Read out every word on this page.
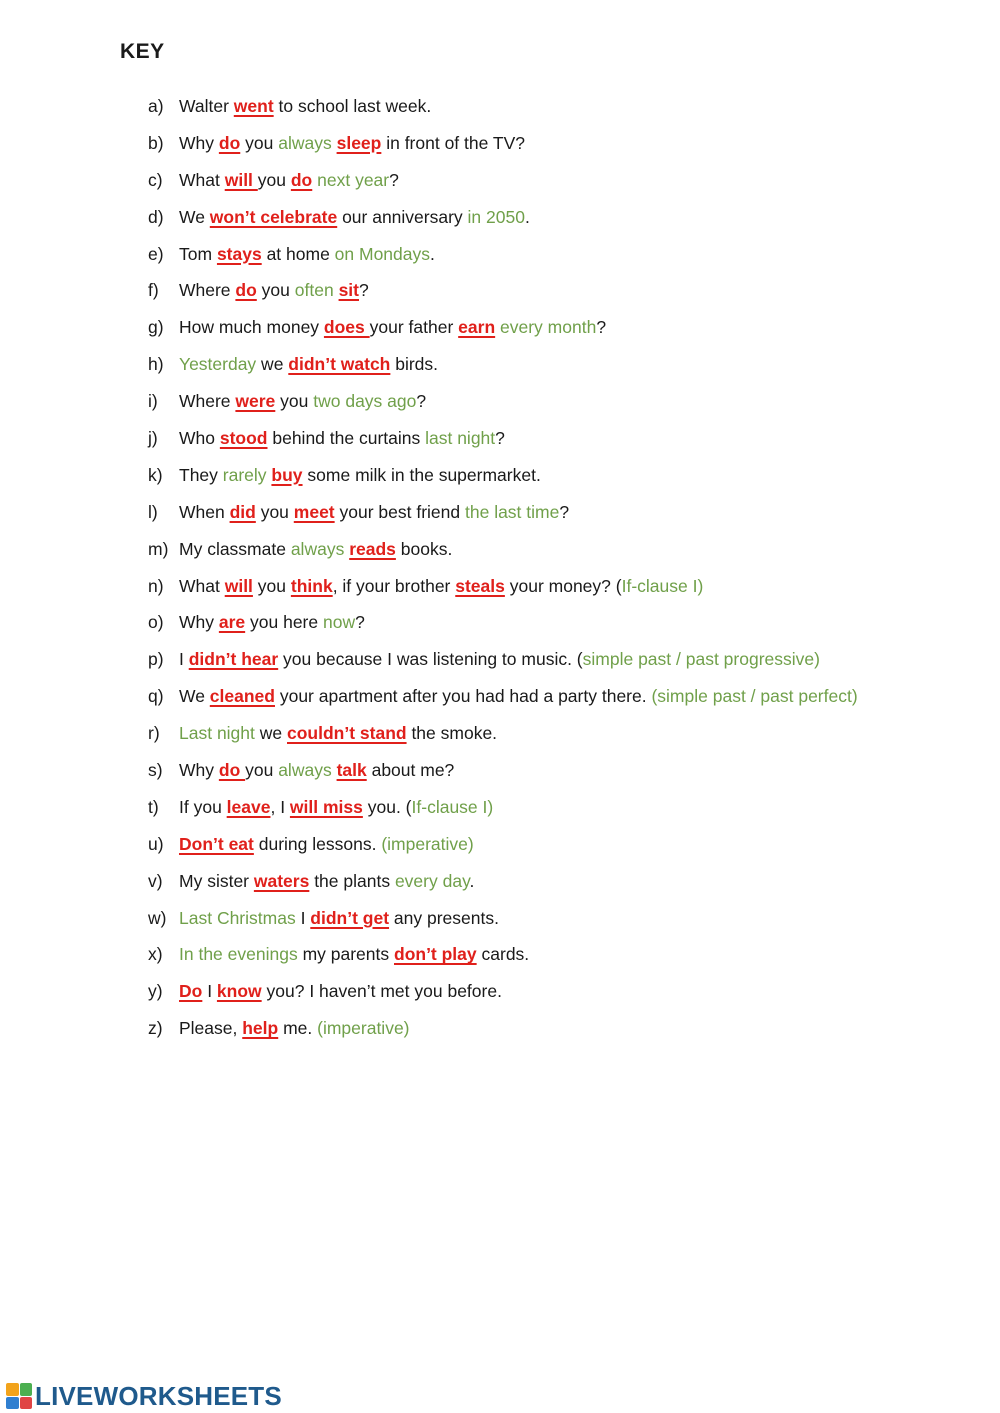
KEY
a) Walter went to school last week.
b) Why do you always sleep in front of the TV?
c) What will you do next year?
d) We won’t celebrate our anniversary in 2050.
e) Tom stays at home on Mondays.
f)	Where do you often sit?
g) How much money does your father earn every month?
h) Yesterday we didn’t watch birds.
i)	Where were you two days ago?
j)	Who stood behind the curtains last night?
k) They rarely buy some milk in the supermarket.
l)	When did you meet your best friend the last time?
m) My classmate always reads books.
n) What will you think, if your brother steals your money? (If-clause I)
o) Why are you here now?
p) I didn’t hear you because I was listening to music. (simple past / past progressive)
q) We cleaned your apartment after you had had a party there. (simple past / past perfect)
r)	Last night we couldn’t stand the smoke.
s) Why do you always talk about me?
t)	If you leave, I will miss you. (If-clause I)
u) Don’t eat during lessons. (imperative)
v) My sister waters the plants every day.
w) Last Christmas I didn’t get any presents.
x) In the evenings my parents don’t play cards.
y) Do I know you? I haven’t met you before.
z) Please, help me. (imperative)
LIVEWORKSHEETS
